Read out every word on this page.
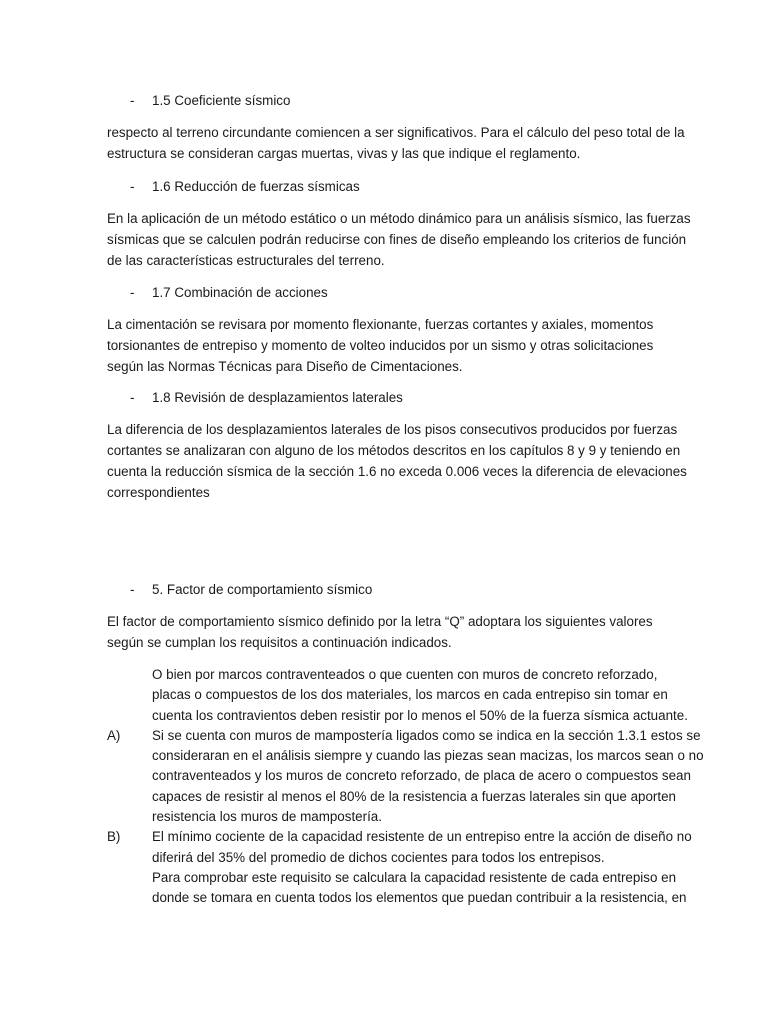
-	1.5 Coeficiente sísmico

respecto al terreno circundante comiencen a ser significativos. Para el cálculo del peso total de la
estructura se consideran cargas muertas, vivas y las que indique el reglamento.

-	1.6 Reducción de fuerzas sísmicas

En la aplicación de un método estático o un método dinámico para un análisis sísmico, las fuerzas
sísmicas que se calculen podrán reducirse con fines de diseño empleando los criterios de función
de las características estructurales del terreno.

-	1.7 Combinación de acciones

La cimentación se revisara por momento flexionante, fuerzas cortantes y axiales, momentos
torsionantes de entrepiso y momento de volteo inducidos por un sismo y otras solicitaciones
según las Normas Técnicas para Diseño de Cimentaciones.

-	1.8 Revisión de desplazamientos laterales

La diferencia de los desplazamientos laterales de los pisos consecutivos producidos por fuerzas
cortantes se analizaran con alguno de los métodos descritos en los capítulos 8 y 9 y teniendo en
cuenta la reducción sísmica de la sección 1.6 no exceda 0.006 veces la diferencia de elevaciones
correspondientes

-	5. Factor de comportamiento sísmico

El factor de comportamiento sísmico definido por la letra “Q” adoptara los siguientes valores
según se cumplan los requisitos a continuación indicados.

O bien por marcos contraventeados o que cuenten con muros de concreto reforzado,
placas o compuestos de los dos materiales, los marcos en cada entrepiso sin tomar en
cuenta los contravientos deben resistir por lo menos el 50% de la fuerza sísmica actuante.
A)	Si se cuenta con muros de mampostería ligados como se indica en la sección 1.3.1 estos se
consideraran en el análisis siempre y cuando las piezas sean macizas, los marcos sean o no
contraventeados y los muros de concreto reforzado, de placa de acero o compuestos sean
capaces de resistir al menos el 80% de la resistencia a fuerzas laterales sin que aporten
resistencia los muros de mampostería.
B)	El mínimo cociente de la capacidad resistente de un entrepiso entre la acción de diseño no
diferirá del 35% del promedio de dichos cocientes para todos los entrepisos.
Para comprobar este requisito se calculara la capacidad resistente de cada entrepiso en
donde se tomara en cuenta todos los elementos que puedan contribuir a la resistencia, en
